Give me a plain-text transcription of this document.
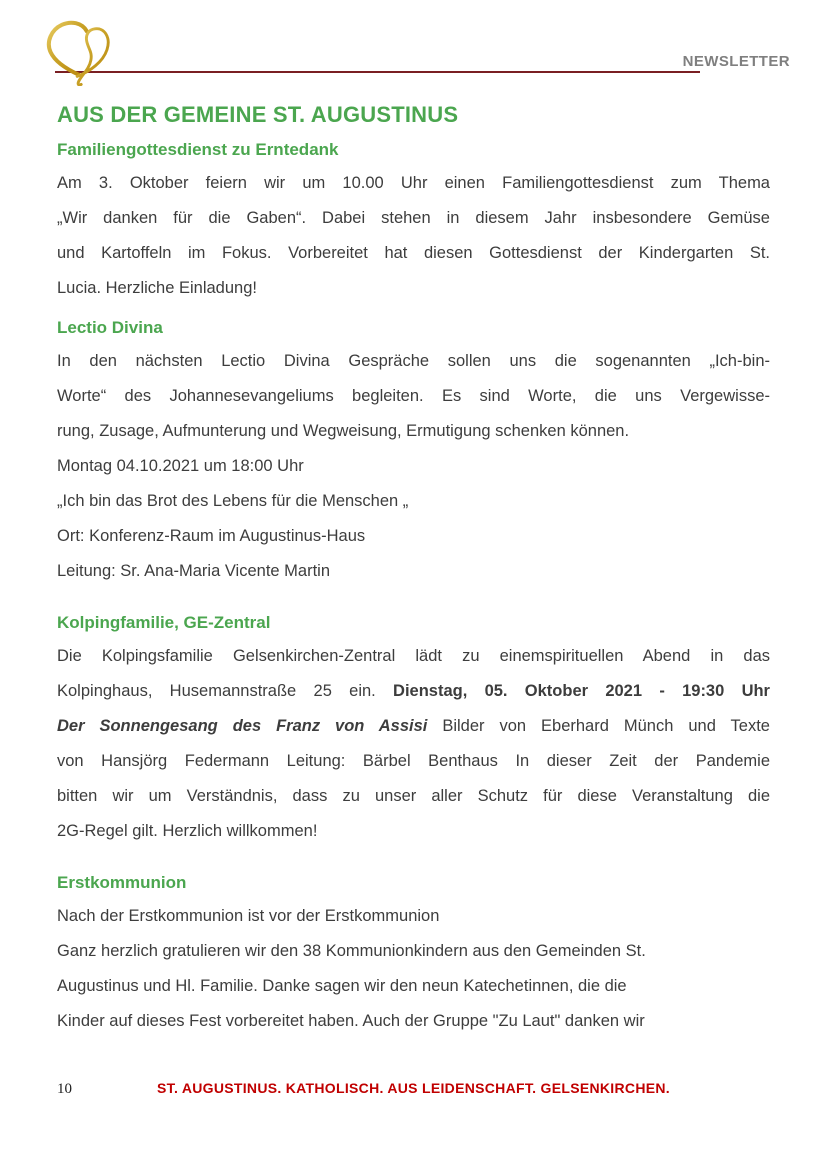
NEWSLETTER
AUS DER GEMEINE ST. AUGUSTINUS
Familiengottesdienst zu Erntedank
Am 3. Oktober feiern wir um 10.00 Uhr einen Familiengottesdienst zum Thema
„Wir danken für die Gaben“. Dabei stehen in diesem Jahr insbesondere Gemüse
und Kartoffeln im Fokus. Vorbereitet hat diesen Gottesdienst der Kindergarten St.
Lucia. Herzliche Einladung!
Lectio Divina
In den nächsten Lectio Divina Gespräche sollen uns die sogenannten „Ich-bin-
Worte“ des Johannesevangeliums begleiten. Es sind Worte, die uns Vergewisse-
rung, Zusage, Aufmunterung und Wegweisung, Ermutigung schenken können.
Montag 04.10.2021 um 18:00 Uhr
„Ich bin das Brot des Lebens für die Menschen „
Ort: Konferenz-Raum im Augustinus-Haus
Leitung: Sr. Ana-Maria Vicente Martin
Kolpingfamilie, GE-Zentral
Die Kolpingsfamilie Gelsenkirchen-Zentral lädt zu einemspirituellen Abend in das
Kolpinghaus, Husemannstraße 25 ein. Dienstag, 05. Oktober 2021 - 19:30 Uhr
Der Sonnengesang des Franz von Assisi Bilder von Eberhard Münch und Texte
von Hansjörg Federmann Leitung: Bärbel Benthaus In dieser Zeit der Pandemie
bitten wir um Verständnis, dass zu unser aller Schutz für diese Veranstaltung die
2G-Regel gilt. Herzlich willkommen!
Erstkommunion
Nach der Erstkommunion ist vor der Erstkommunion
Ganz herzlich gratulieren wir den 38 Kommunionkindern aus den Gemeinden St.
Augustinus und Hl. Familie. Danke sagen wir den neun Katechetinnen, die die
Kinder auf dieses Fest vorbereitet haben. Auch der Gruppe "Zu Laut" danken wir
10	ST. AUGUSTINUS. KATHOLISCH. AUS LEIDENSCHAFT. GELSENKIRCHEN.
